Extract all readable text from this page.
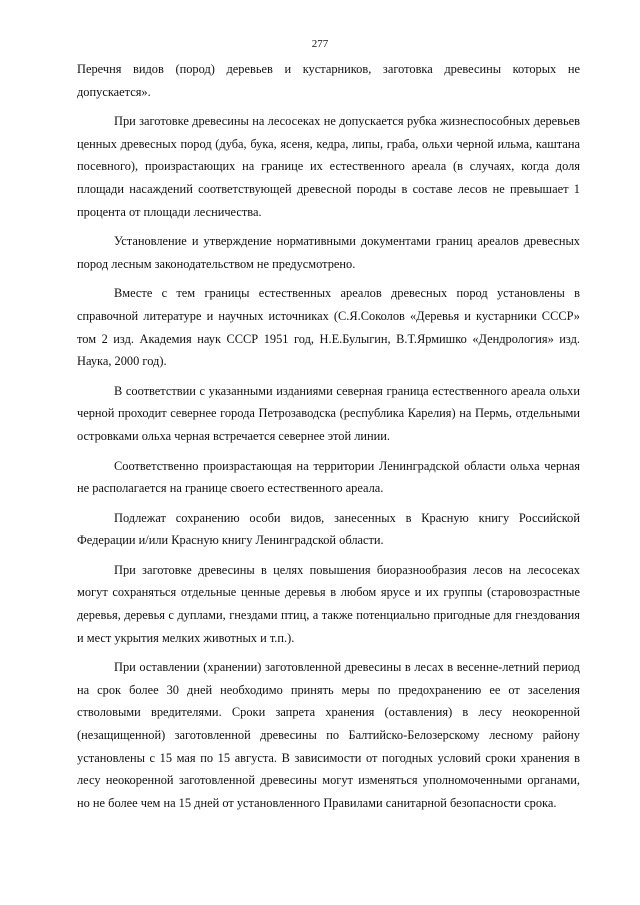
277

Перечня видов (пород) деревьев и кустарников, заготовка древесины которых не допускается».

При заготовке древесины на лесосеках не допускается рубка жизнеспособных деревьев ценных древесных пород (дуба, бука, ясеня, кедра, липы, граба, ольхи черной ильма, каштана посевного), произрастающих на границе их естественного ареала (в случаях, когда доля площади насаждений соответствующей древесной породы в составе лесов не превышает 1 процента от площади лесничества.

Установление и утверждение нормативными документами границ ареалов древесных пород лесным законодательством не предусмотрено.

Вместе с тем границы естественных ареалов древесных пород установлены в справочной литературе и научных источниках (С.Я.Соколов «Деревья и кустарники СССР» том 2 изд. Академия наук СССР 1951 год, Н.Е.Булыгин, В.Т.Ярмишко «Дендрология» изд. Наука, 2000 год).

В соответствии с указанными изданиями северная граница естественного ареала ольхи черной проходит севернее города Петрозаводска (республика Карелия) на Пермь, отдельными островками ольха черная встречается севернее этой линии.

Соответственно произрастающая на территории Ленинградской области ольха черная не располагается на границе своего естественного ареала.

Подлежат сохранению особи видов, занесенных в Красную книгу Российской Федерации и/или Красную книгу Ленинградской области.

При заготовке древесины в целях повышения биоразнообразия лесов на лесосеках могут сохраняться отдельные ценные деревья в любом ярусе и их группы (старовозрастные деревья, деревья с дуплами, гнездами птиц, а также потенциально пригодные для гнездования и мест укрытия мелких животных и т.п.).

При оставлении (хранении) заготовленной древесины в лесах в весенне-летний период на срок более 30 дней необходимо принять меры по предохранению ее от заселения стволовыми вредителями. Сроки запрета хранения (оставления) в лесу неокоренной (незащищенной) заготовленной древесины по Балтийско-Белозерскому лесному району установлены с 15 мая по 15 августа. В зависимости от погодных условий сроки хранения в лесу неокоренной заготовленной древесины могут изменяться уполномоченными органами, но не более чем на 15 дней от установленного Правилами санитарной безопасности срока.
